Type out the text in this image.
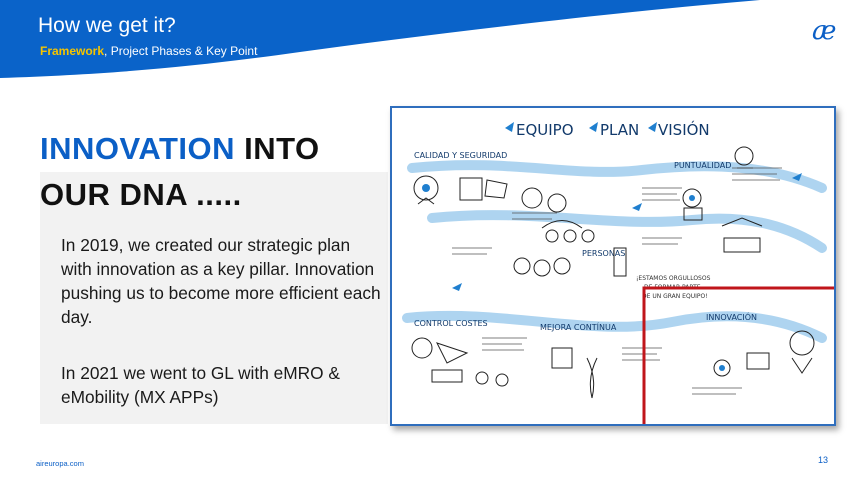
How we get it?
Framework, Project Phases & Key Point
æ
INNOVATION INTO
OUR DNA .....
In 2019, we created our strategic plan with innovation as a key pillar. Innovation pushing us to become more efficient each day.
In 2021 we went to GL with eMRO & eMobility (MX APPs)
EQUIPO PLAN VISIÓN
CALIDAD Y SEGURIDAD
PUNTUALIDAD
PERSONAS
CONTROL COSTES	MEJORA CONTÍNUA
INNOVACIÓN
¡ESTAMOS ORGULLOSOS
DE FORMAR PARTE
DE UN GRAN EQUIPO!
aireuropa.com	13
